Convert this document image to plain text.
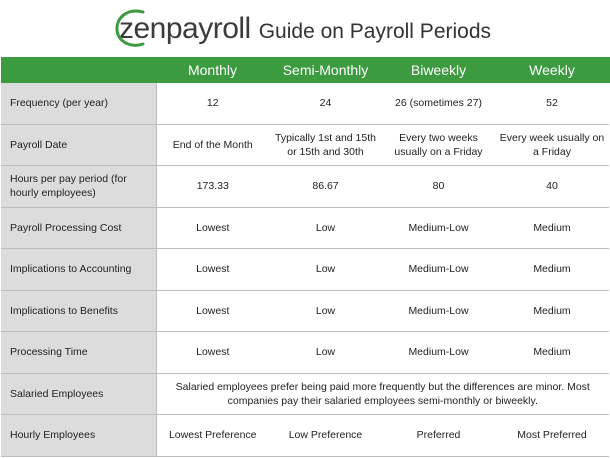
zen payroll Guide on Payroll Periods
	Monthly	Semi-Monthly	Biweekly	Weekly
Frequency (per year)	12	24	26 (sometimes 27)	52
Payroll Date	End of the Month	Typically 1st and 15th or 15th and 30th	Every two weeks usually on a Friday	Every week usually on a Friday
Hours per pay period (for hourly employees)	173.33	86.67	80	40
Payroll Processing Cost	Lowest	Low	Medium-Low	Medium
Implications to Accounting	Lowest	Low	Medium-Low	Medium
Implications to Benefits	Lowest	Low	Medium-Low	Medium
Processing Time	Lowest	Low	Medium-Low	Medium
Salaried Employees	Salaried employees prefer being paid more frequently but the differences are minor. Most companies pay their salaried employees semi-monthly or biweekly.			
Hourly Employees	Lowest Preference	Low Preference	Preferred	Most Preferred
